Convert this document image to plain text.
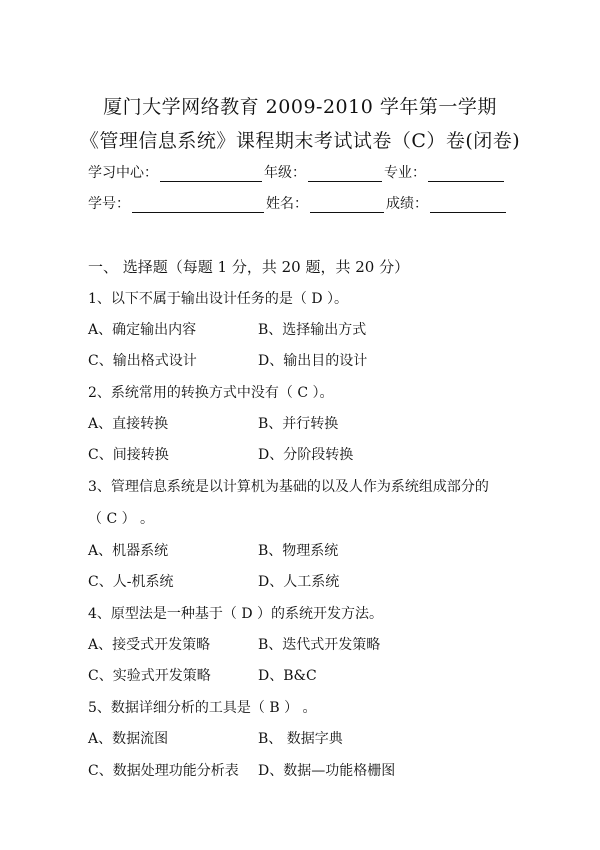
厦门大学网络教育 2009-2010 学年第一学期
《管理信息系统》课程期末考试试卷（C）卷(闭卷)
学习中心：	年级：	专业：
学号：	姓名：	成绩：
一、 选择题（每题 1 分，共 20 题，共 20 分）
1、以下不属于输出设计任务的是（ D ）。
A、确定输出内容	B、选择输出方式
C、输出格式设计	D、输出目的设计
2、系统常用的转换方式中没有（ C ）。
A、直接转换	B、并行转换
C、间接转换	D、分阶段转换
3、管理信息系统是以计算机为基础的以及人作为系统组成部分的
（ C ） 。
A、机器系统	B、物理系统
C、人-机系统	D、人工系统
4、原型法是一种基于（ D ）的系统开发方法。
A、接受式开发策略	B、迭代式开发策略
C、实验式开发策略	D、B&C
5、数据详细分析的工具是（ B ） 。
A、数据流图	B、 数据字典
C、数据处理功能分析表 D、数据—功能格栅图
